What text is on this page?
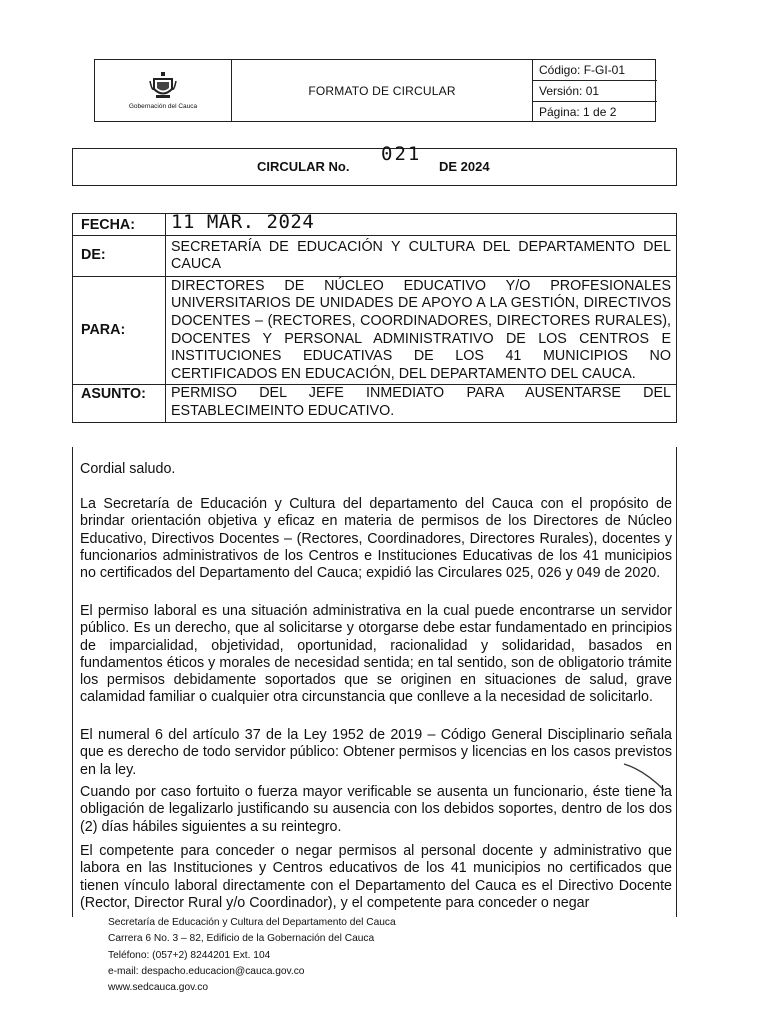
Gobernación del Cauca
FORMATO DE CIRCULAR
Código: F-GI-01
Versión: 01
Página: 1 de 2
CIRCULAR No.
021
DE 2024
FECHA:	11 MAR. 2024
DE:	SECRETARÍA DE EDUCACIÓN Y CULTURA DEL DEPARTAMENTO DEL CAUCA
PARA:	DIRECTORES DE NÚCLEO EDUCATIVO Y/O PROFESIONALES UNIVERSITARIOS DE UNIDADES DE APOYO A LA GESTIÓN, DIRECTIVOS DOCENTES – (RECTORES, COORDINADORES, DIRECTORES RURALES), DOCENTES Y PERSONAL ADMINISTRATIVO DE LOS CENTROS E INSTITUCIONES EDUCATIVAS DE LOS 41 MUNICIPIOS NO CERTIFICADOS EN EDUCACIÓN, DEL DEPARTAMENTO DEL CAUCA.
ASUNTO:	PERMISO DEL JEFE INMEDIATO PARA AUSENTARSE DEL ESTABLECIMEINTO EDUCATIVO.

Cordial saludo.

La Secretaría de Educación y Cultura del departamento del Cauca con el propósito de brindar orientación objetiva y eficaz en materia de permisos de los Directores de Núcleo Educativo, Directivos Docentes – (Rectores, Coordinadores, Directores Rurales), docentes y funcionarios administrativos de los Centros e Instituciones Educativas de los 41 municipios no certificados del Departamento del Cauca; expidió las Circulares 025, 026 y 049 de 2020.

El permiso laboral es una situación administrativa en la cual puede encontrarse un servidor público. Es un derecho, que al solicitarse y otorgarse debe estar fundamentado en principios de imparcialidad, objetividad, oportunidad, racionalidad y solidaridad, basados en fundamentos éticos y morales de necesidad sentida; en tal sentido, son de obligatorio trámite los permisos debidamente soportados que se originen en situaciones de salud, grave calamidad familiar o cualquier otra circunstancia que conlleve a la necesidad de solicitarlo.

El numeral 6 del artículo 37 de la Ley 1952 de 2019 – Código General Disciplinario señala que es derecho de todo servidor público: Obtener permisos y licencias en los casos previstos en la ley.

Cuando por caso fortuito o fuerza mayor verificable se ausenta un funcionario, éste tiene la obligación de legalizarlo justificando su ausencia con los debidos soportes, dentro de los dos (2) días hábiles siguientes a su reintegro.

El competente para conceder o negar permisos al personal docente y administrativo que labora en las Instituciones y Centros educativos de los 41 municipios no certificados que tienen vínculo laboral directamente con el Departamento del Cauca es el Directivo Docente (Rector, Director Rural y/o Coordinador), y el competente para conceder o negar

Secretaría de Educación y Cultura del Departamento del Cauca
Carrera 6 No. 3 – 82, Edificio de la Gobernación del Cauca
Teléfono: (057+2) 8244201 Ext. 104
e-mail: despacho.educacion@cauca.gov.co
www.sedcauca.gov.co
